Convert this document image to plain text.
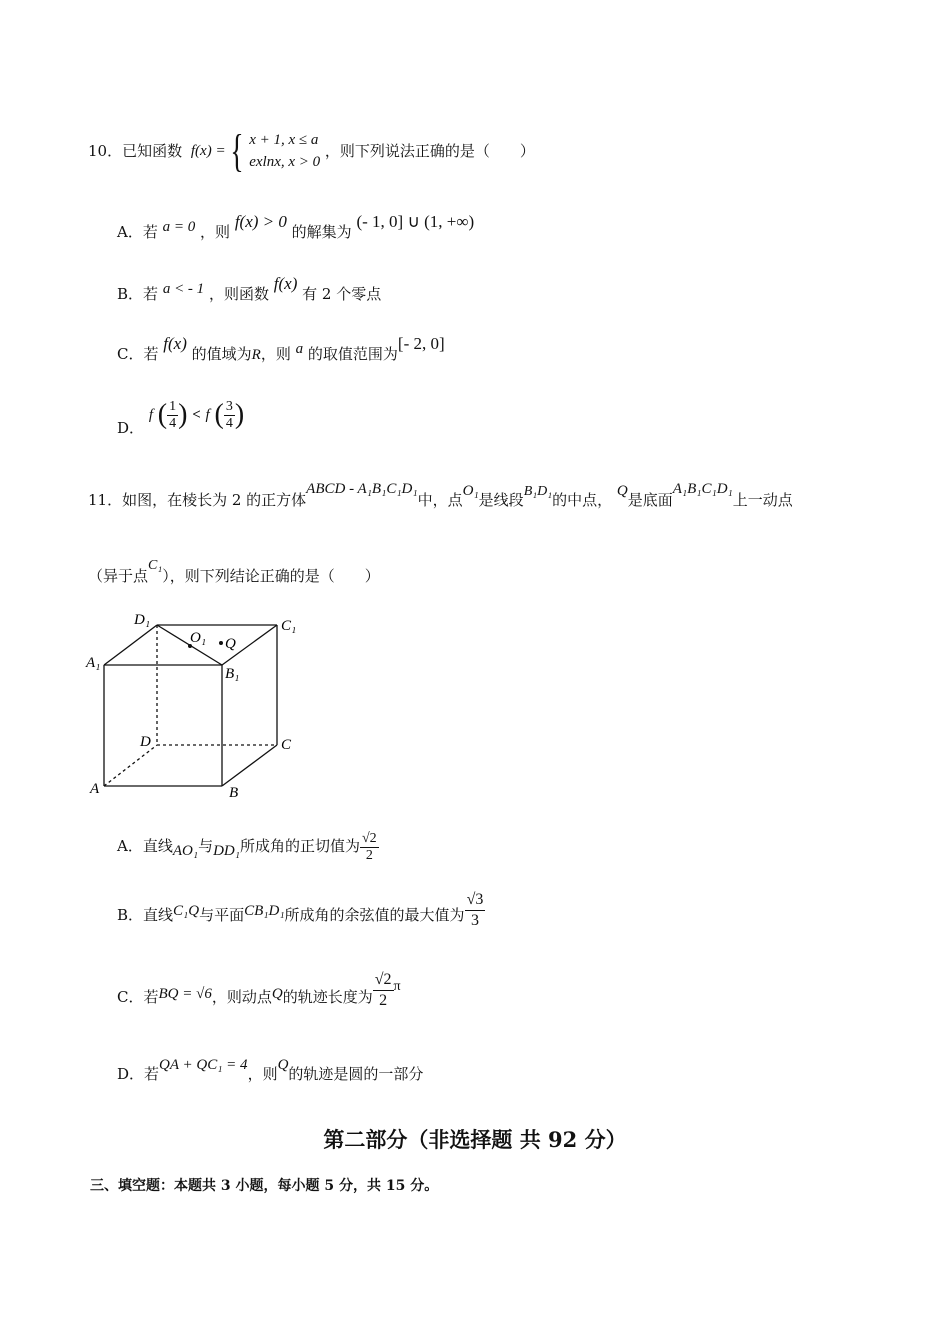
10．已知函数 f(x) = { x + 1, x ≤ a
exlnx, x > 0
，则下列说法正确的是（　　）
A．若 a = 0 ，则 f(x) > 0 的解集为 (- 1, 0] ∪ (1, +∞)
B．若 a < - 1 ，则函数 f(x) 有 2 个零点
C．若 f(x) 的值域为R，则 a 的取值范围为[- 2, 0]
D． f ( $\frac{1}{4}$ ) < f ( $\frac{3}{4}$ )
11．如图，在棱长为 2 的正方体ABCD - A₁B₁C₁D₁中，点O₁是线段B₁D₁的中点， Q是底面A₁B₁C₁D₁上一动点
（异于点C₁），则下列结论正确的是（　　）
D₁	C₁
A₁
B₁
O₁ Q
D	C
A	B
A．直线AO₁与DD₁所成角的正切值为 $\frac{√2}{2}$
B．直线C₁Q与平面CB₁D₁所成角的余弦值的最大值为 $\frac{√3}{3}$
C．若BQ = √6，则动点Q的轨迹长度为 $\frac{√2}{2}$ π
D．若QA + QC₁ = 4，则Q的轨迹是圆的一部分
第二部分（非选择题 共 92 分）
三、填空题：本题共 3 小题，每小题 5 分，共 15 分。
